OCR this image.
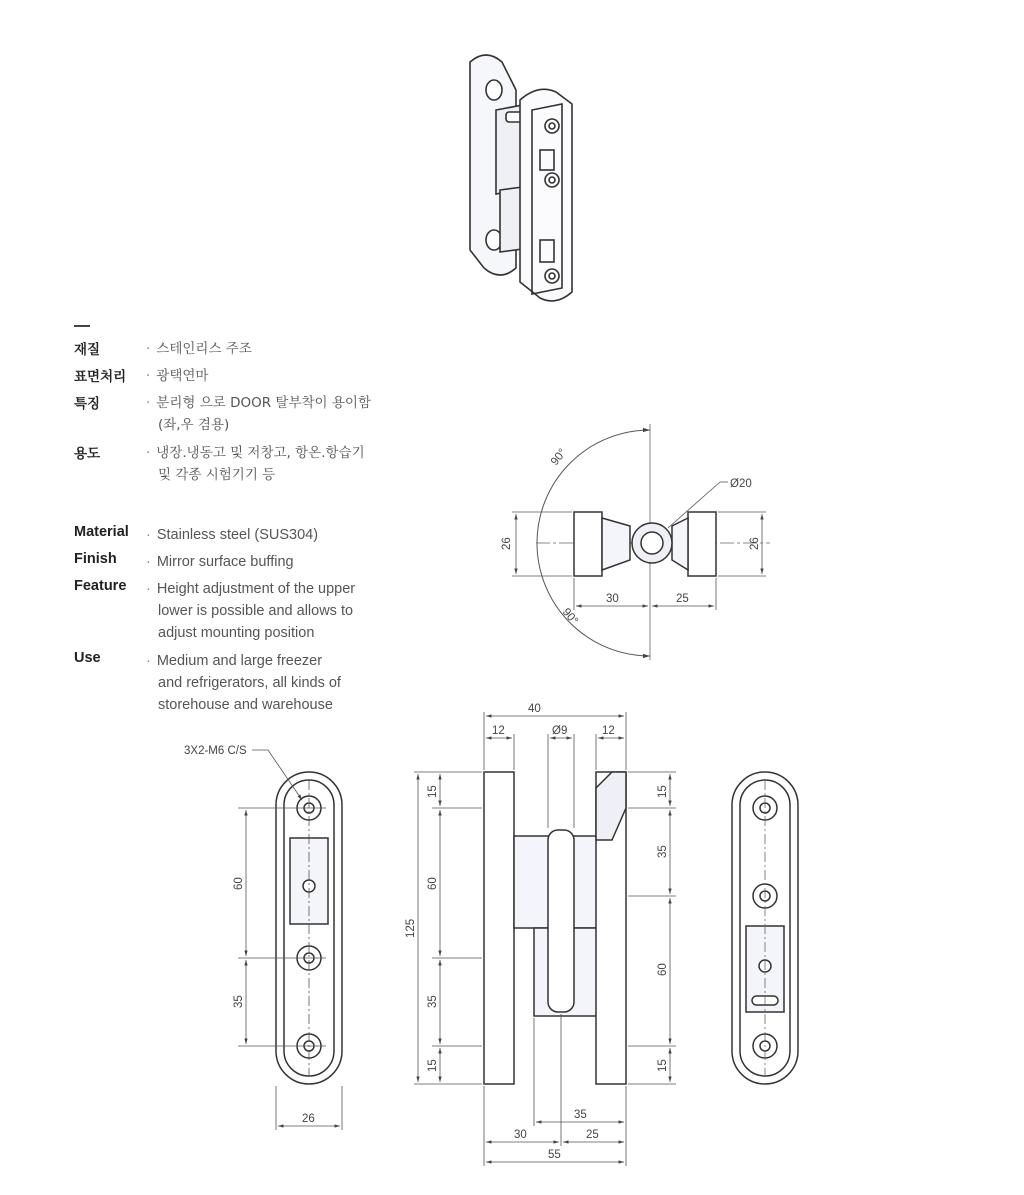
90°
90°
Ø20
26	26
30	25
3X2-M6 C/S
60
35
26
40
12	12
Ø9
125
15
60
35
15
15
35
60
15
35
30	25
55
재질	· 스테인리스 주조
표면처리	· 광택연마
특징	· 분리형 으로 DOOR 탈부착이 용이함
(좌,우 겸용)
용도	· 냉장.냉동고 및 저창고, 항온.항습기
및 각종 시험기기 등
Material	· Stainless steel (SUS304)
Finish	· Mirror surface buffing
Feature	· Height adjustment of the upper
lower is possible and allows to
adjust mounting position
Use	· Medium and large freezer
and refrigerators, all kinds of
storehouse and warehouse
